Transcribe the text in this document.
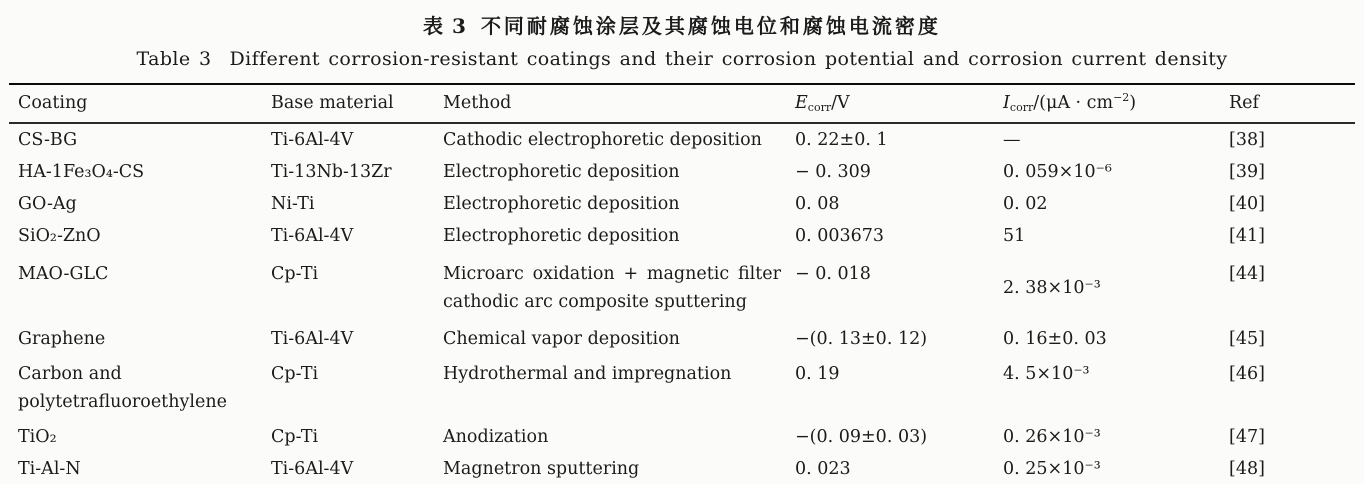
表 3 不同耐腐蚀涂层及其腐蚀电位和腐蚀电流密度
Table 3 Different corrosion-resistant coatings and their corrosion potential and corrosion current density
Coating	Base material	Method	$E_{corr}/V$	$I_{corr}/(\mu A \cdot cm^{-2})$	Ref
CS-BG	Ti-6Al-4V	Cathodic electrophoretic deposition	0. 22±0. 1	—	[38]
HA-1Fe₃O₄-CS	Ti-13Nb-13Zr	Electrophoretic deposition	− 0. 309	0. 059×10⁻⁶	[39]
GO-Ag	Ni-Ti	Electrophoretic deposition	0. 08	0. 02	[40]
SiO₂-ZnO	Ti-6Al-4V	Electrophoretic deposition	0. 003673	51	[41]
MAO-GLC	Cp-Ti	Microarc oxidation + magnetic filter cathodic arc composite sputtering	− 0. 018	2. 38×10⁻³	[44]
Graphene	Ti-6Al-4V	Chemical vapor deposition	−(0. 13±0. 12)	0. 16±0. 03	[45]
Carbon and polytetrafluoroethylene	Cp-Ti	Hydrothermal and impregnation	0. 19	4. 5×10⁻³	[46]
TiO₂	Cp-Ti	Anodization	−(0. 09±0. 03)	0. 26×10⁻³	[47]
Ti-Al-N	Ti-6Al-4V	Magnetron sputtering	0. 023	0. 25×10⁻³	[48]
